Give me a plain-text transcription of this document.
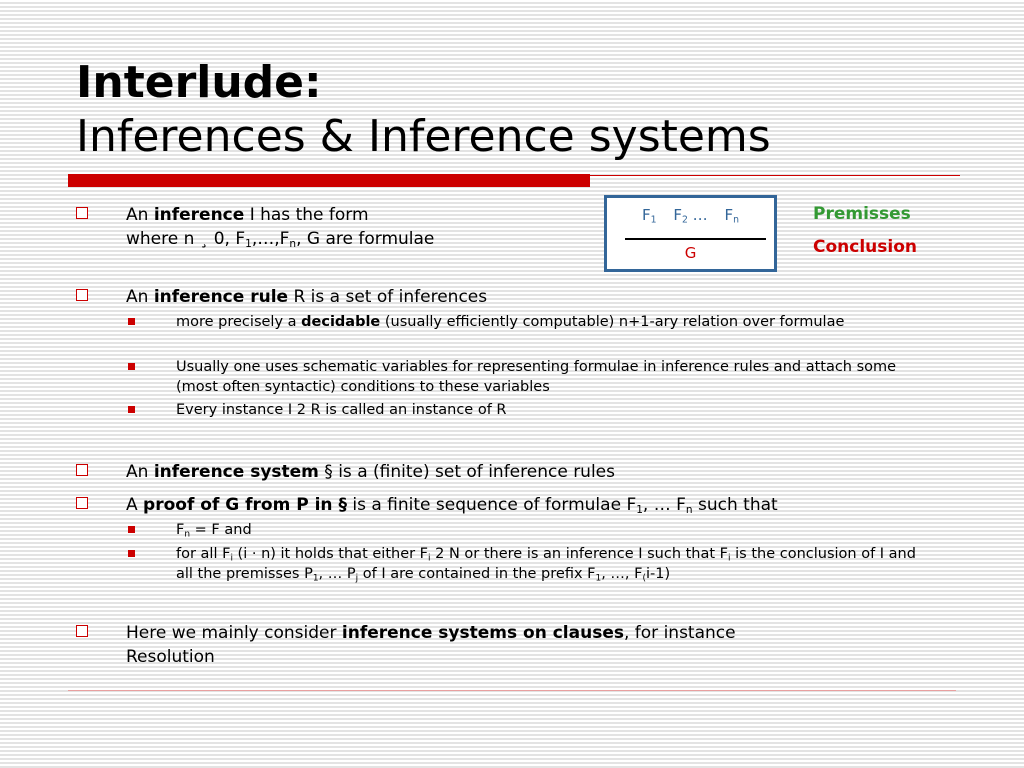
Interlude:
Inferences & Inference systems
$F_1$ $F_2$ … $F_n$
G
Premisses
Conclusion
An inference I has the form
where n ¸ 0, $F_1,\dots,F_n$, G are formulae
An inference rule R is a set of inferences
more precisely a decidable (usually efficiently computable) n+1-ary relation over formulae
Usually one uses schematic variables for representing formulae in inference rules and attach some (most often syntactic) conditions to these variables
Every instance I 2 R is called an instance of R
An inference system § is a (finite) set of inference rules
A proof of G from P in § is a finite sequence of formulae $F_1$, … $F_n$ such that
$F_n = F$ and
for all $F_i$ (i · n) it holds that either $F_i$ 2 N or there is an inference I such that $F_i$ is the conclusion of I and all the premisses $P_1$, … $P_j$ of I are contained in the prefix $F_1$, …, $F_(i-1$)
Here we mainly consider inference systems on clauses, for instance
Resolution
